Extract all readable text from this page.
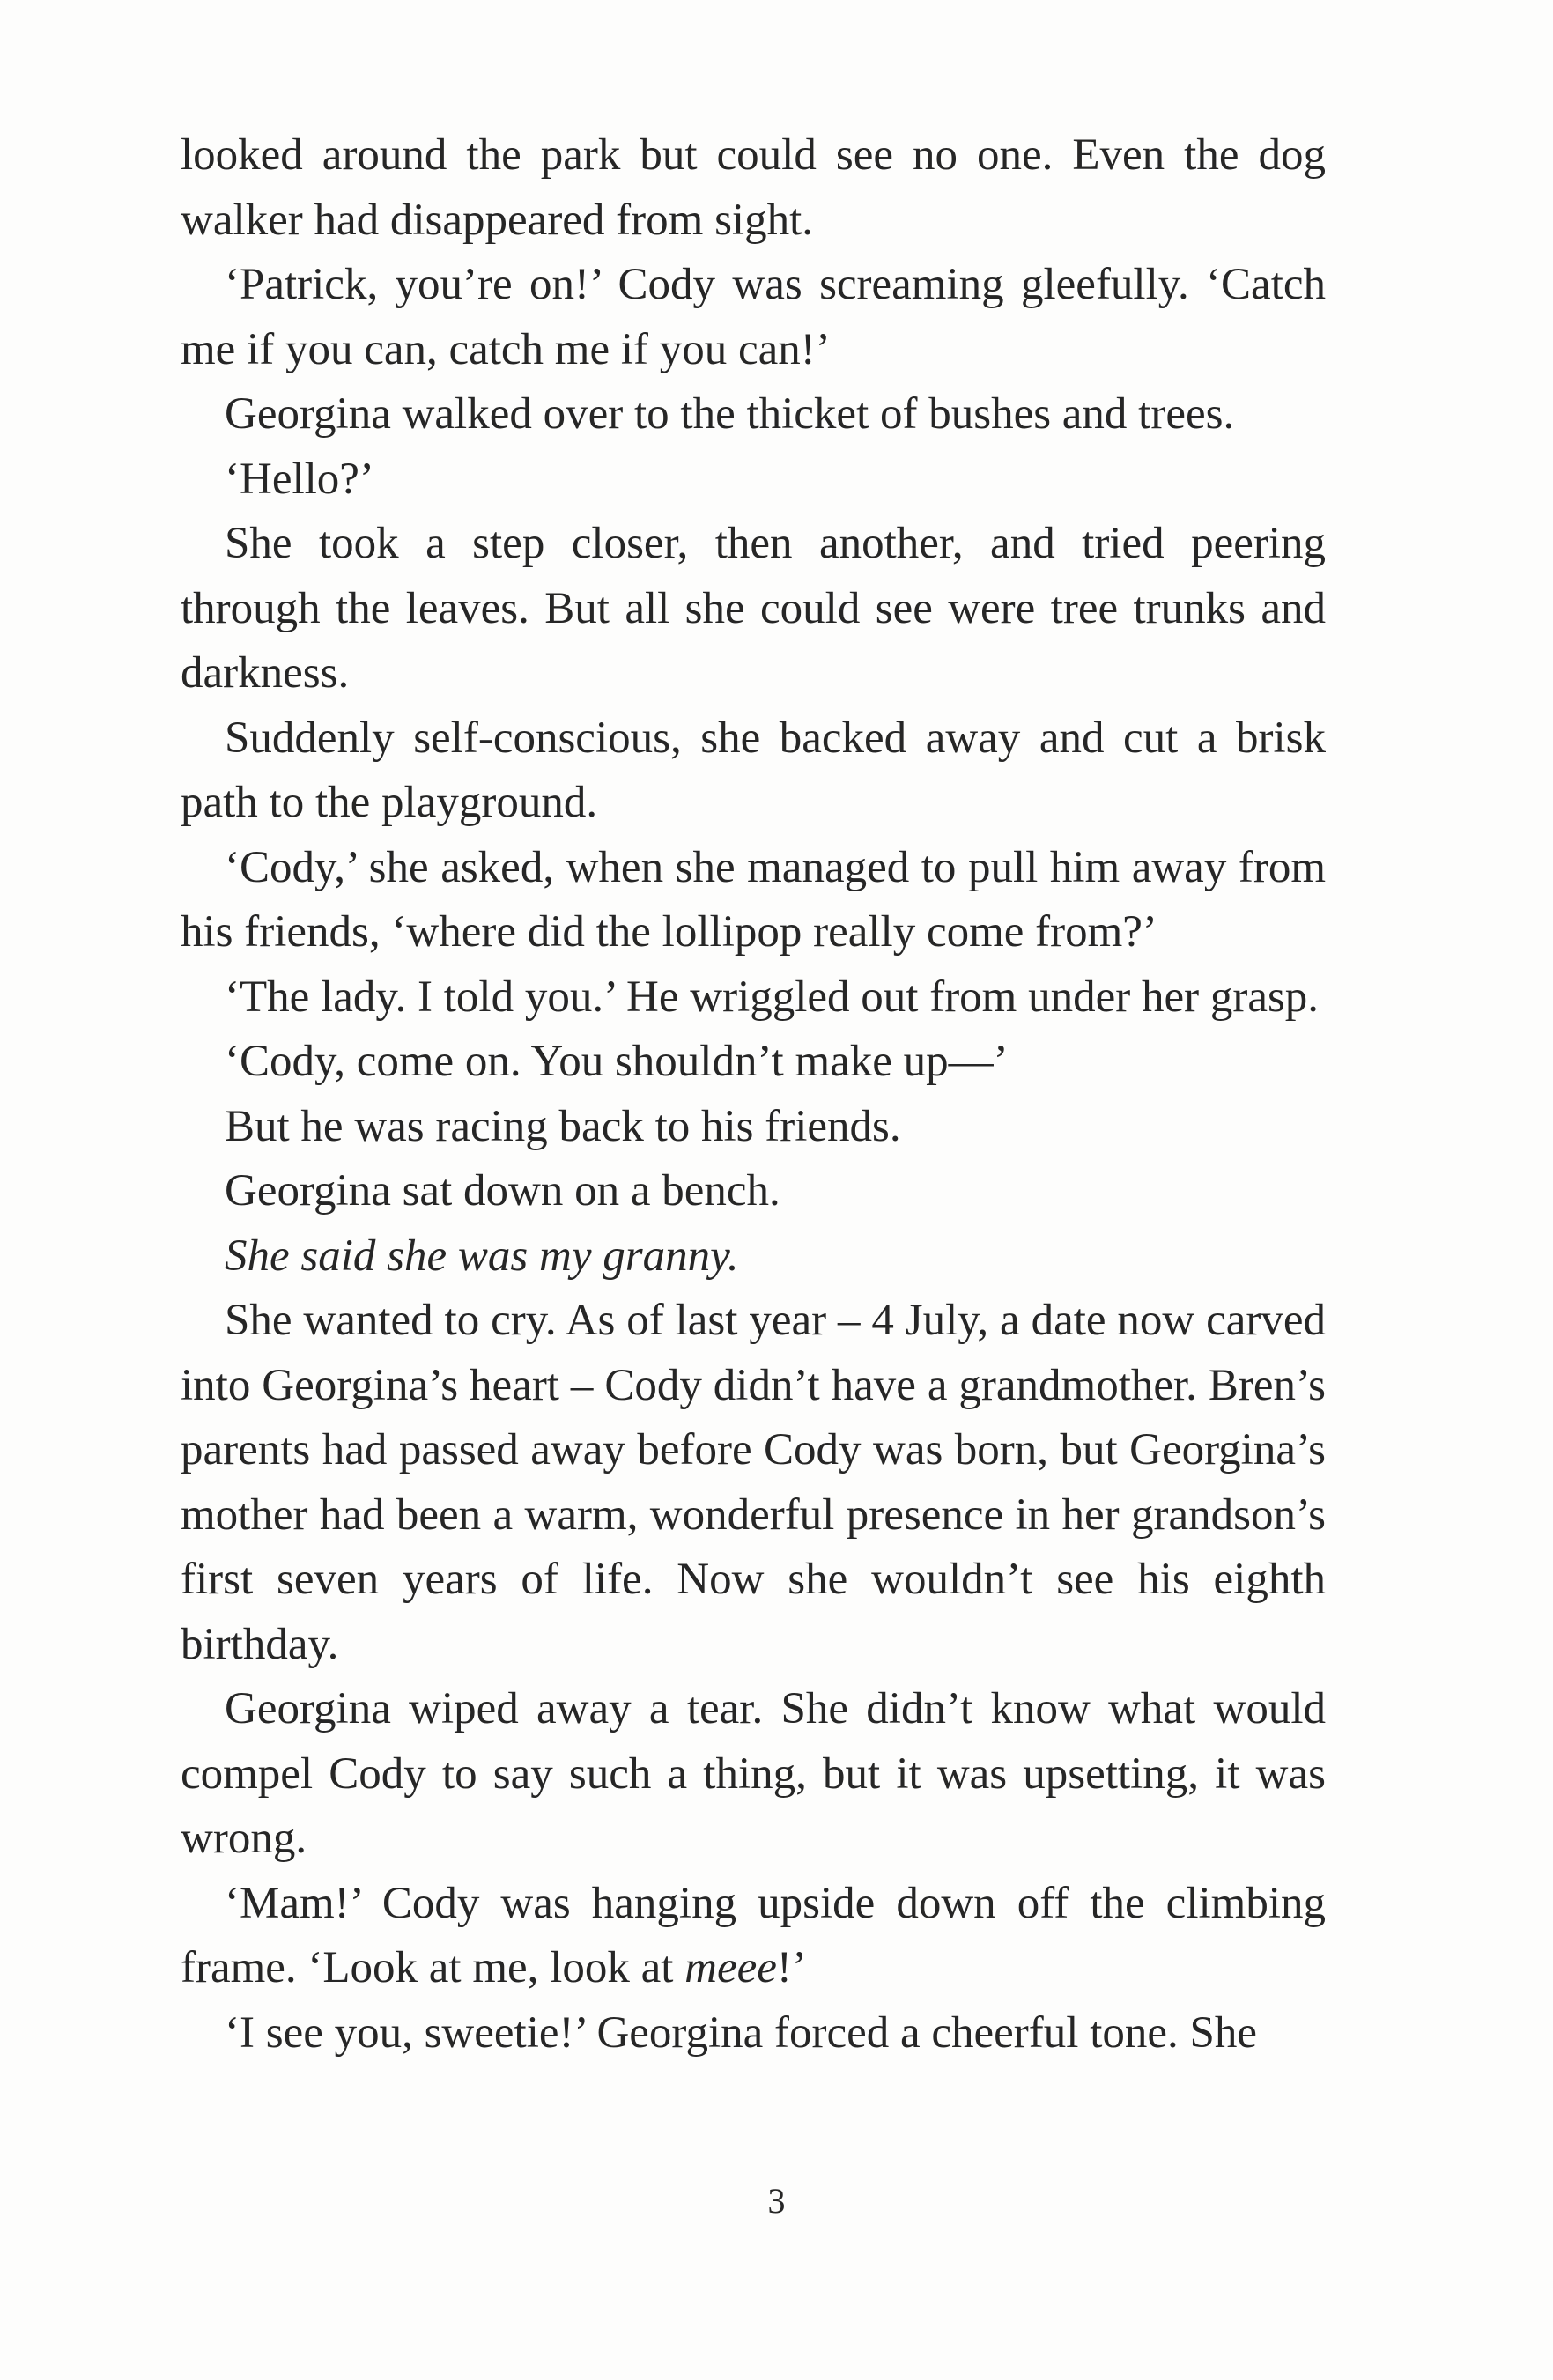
looked around the park but could see no one. Even the dog walker had disappeared from sight.

‘Patrick, you’re on!’ Cody was screaming gleefully. ‘Catch me if you can, catch me if you can!’

Georgina walked over to the thicket of bushes and trees.

‘Hello?’

She took a step closer, then another, and tried peering through the leaves. But all she could see were tree trunks and darkness.

Suddenly self-conscious, she backed away and cut a brisk path to the playground.

‘Cody,’ she asked, when she managed to pull him away from his friends, ‘where did the lollipop really come from?’

‘The lady. I told you.’ He wriggled out from under her grasp.

‘Cody, come on. You shouldn’t make up—’

But he was racing back to his friends.

Georgina sat down on a bench.

She said she was my granny.

She wanted to cry. As of last year – 4 July, a date now carved into Georgina’s heart – Cody didn’t have a grandmother. Bren’s parents had passed away before Cody was born, but Georgina’s mother had been a warm, wonderful presence in her grandson’s first seven years of life. Now she wouldn’t see his eighth birthday.

Georgina wiped away a tear. She didn’t know what would compel Cody to say such a thing, but it was upsetting, it was wrong.

‘Mam!’ Cody was hanging upside down off the climbing frame. ‘Look at me, look at meee!’

‘I see you, sweetie!’ Georgina forced a cheerful tone. She

3
